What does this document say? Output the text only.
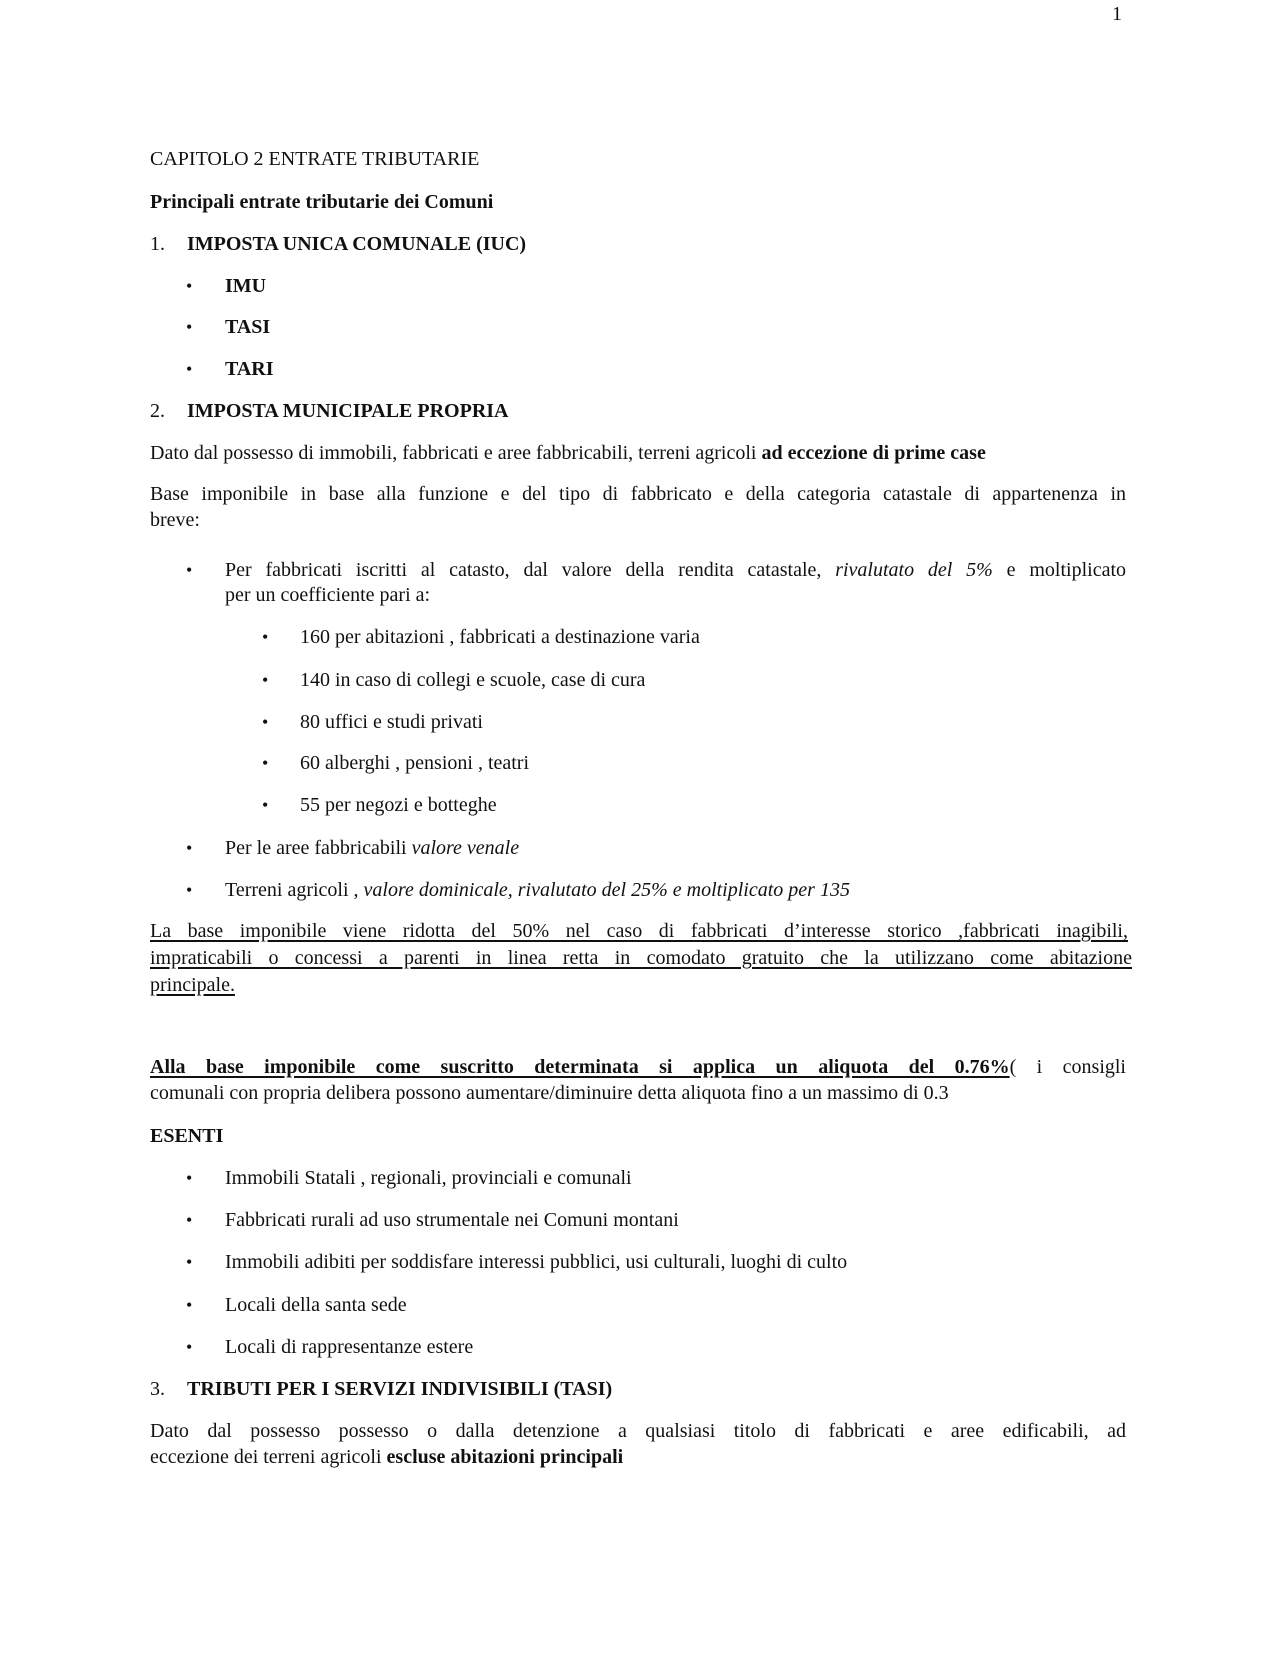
1
CAPITOLO 2 ENTRATE TRIBUTARIE
Principali entrate tributarie dei Comuni
1. IMPOSTA UNICA COMUNALE (IUC)
• IMU
• TASI
• TARI
2. IMPOSTA MUNICIPALE PROPRIA
Dato dal possesso di immobili, fabbricati e aree fabbricabili, terreni agricoli ad eccezione di prime case
Base imponibile in base alla funzione e del tipo di fabbricato e della categoria catastale di appartenenza in
breve:
• Per fabbricati iscritti al catasto, dal valore della rendita catastale, rivalutato del 5% e moltiplicato
per un coefficiente pari a:
• 160 per abitazioni , fabbricati a destinazione varia
• 140 in caso di collegi e scuole, case di cura
• 80 uffici e studi privati
• 60 alberghi , pensioni , teatri
• 55 per negozi e botteghe
• Per le aree fabbricabili valore venale
• Terreni agricoli , valore dominicale, rivalutato del 25% e moltiplicato per 135
La base imponibile viene ridotta del 50% nel caso di fabbricati d’interesse storico ,fabbricati inagibili,
impraticabili o concessi a parenti in linea retta in comodato gratuito che la utilizzano come abitazione
principale.
Alla base imponibile come suscritto determinata si applica un aliquota del 0.76%( i consigli
comunali con propria delibera possono aumentare/diminuire detta aliquota fino a un massimo di 0.3
ESENTI
• Immobili Statali , regionali, provinciali e comunali
• Fabbricati rurali ad uso strumentale nei Comuni montani
• Immobili adibiti per soddisfare interessi pubblici, usi culturali, luoghi di culto
• Locali della santa sede
• Locali di rappresentanze estere
3. TRIBUTI PER I SERVIZI INDIVISIBILI (TASI)
Dato dal possesso possesso o dalla detenzione a qualsiasi titolo di fabbricati e aree edificabili, ad
eccezione dei terreni agricoli escluse abitazioni principali
